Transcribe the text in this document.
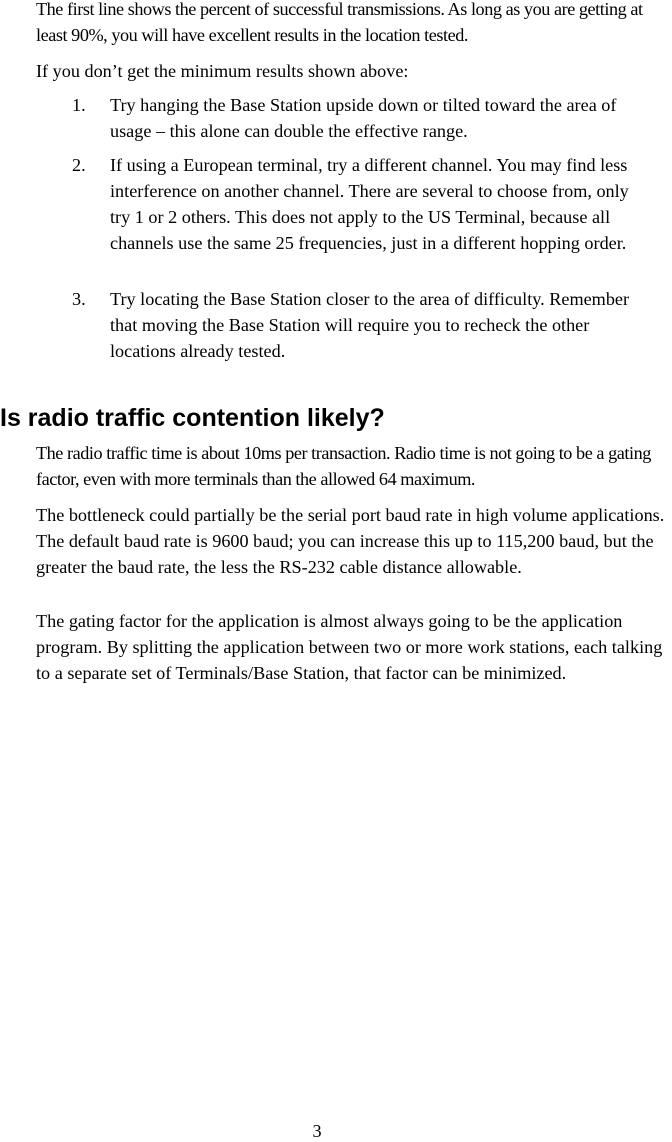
The first line shows the percent of successful transmissions. As long as you are getting at least 90%, you will have excellent results in the location tested.

If you don’t get the minimum results shown above:

1. Try hanging the Base Station upside down or tilted toward the area of usage – this alone can double the effective range.

2. If using a European terminal, try a different channel. You may find less interference on another channel. There are several to choose from, only try 1 or 2 others. This does not apply to the US Terminal, because all channels use the same 25 frequencies, just in a different hopping order.

3. Try locating the Base Station closer to the area of difficulty. Remember that moving the Base Station will require you to recheck the other locations already tested.

Is radio traffic contention likely?

The radio traffic time is about 10ms per transaction. Radio time is not going to be a gating factor, even with more terminals than the allowed 64 maximum.

The bottleneck could partially be the serial port baud rate in high volume applications. The default baud rate is 9600 baud; you can increase this up to 115,200 baud, but the greater the baud rate, the less the RS-232 cable distance allowable.

The gating factor for the application is almost always going to be the application program. By splitting the application between two or more work stations, each talking to a separate set of Terminals/Base Station, that factor can be minimized.

3
